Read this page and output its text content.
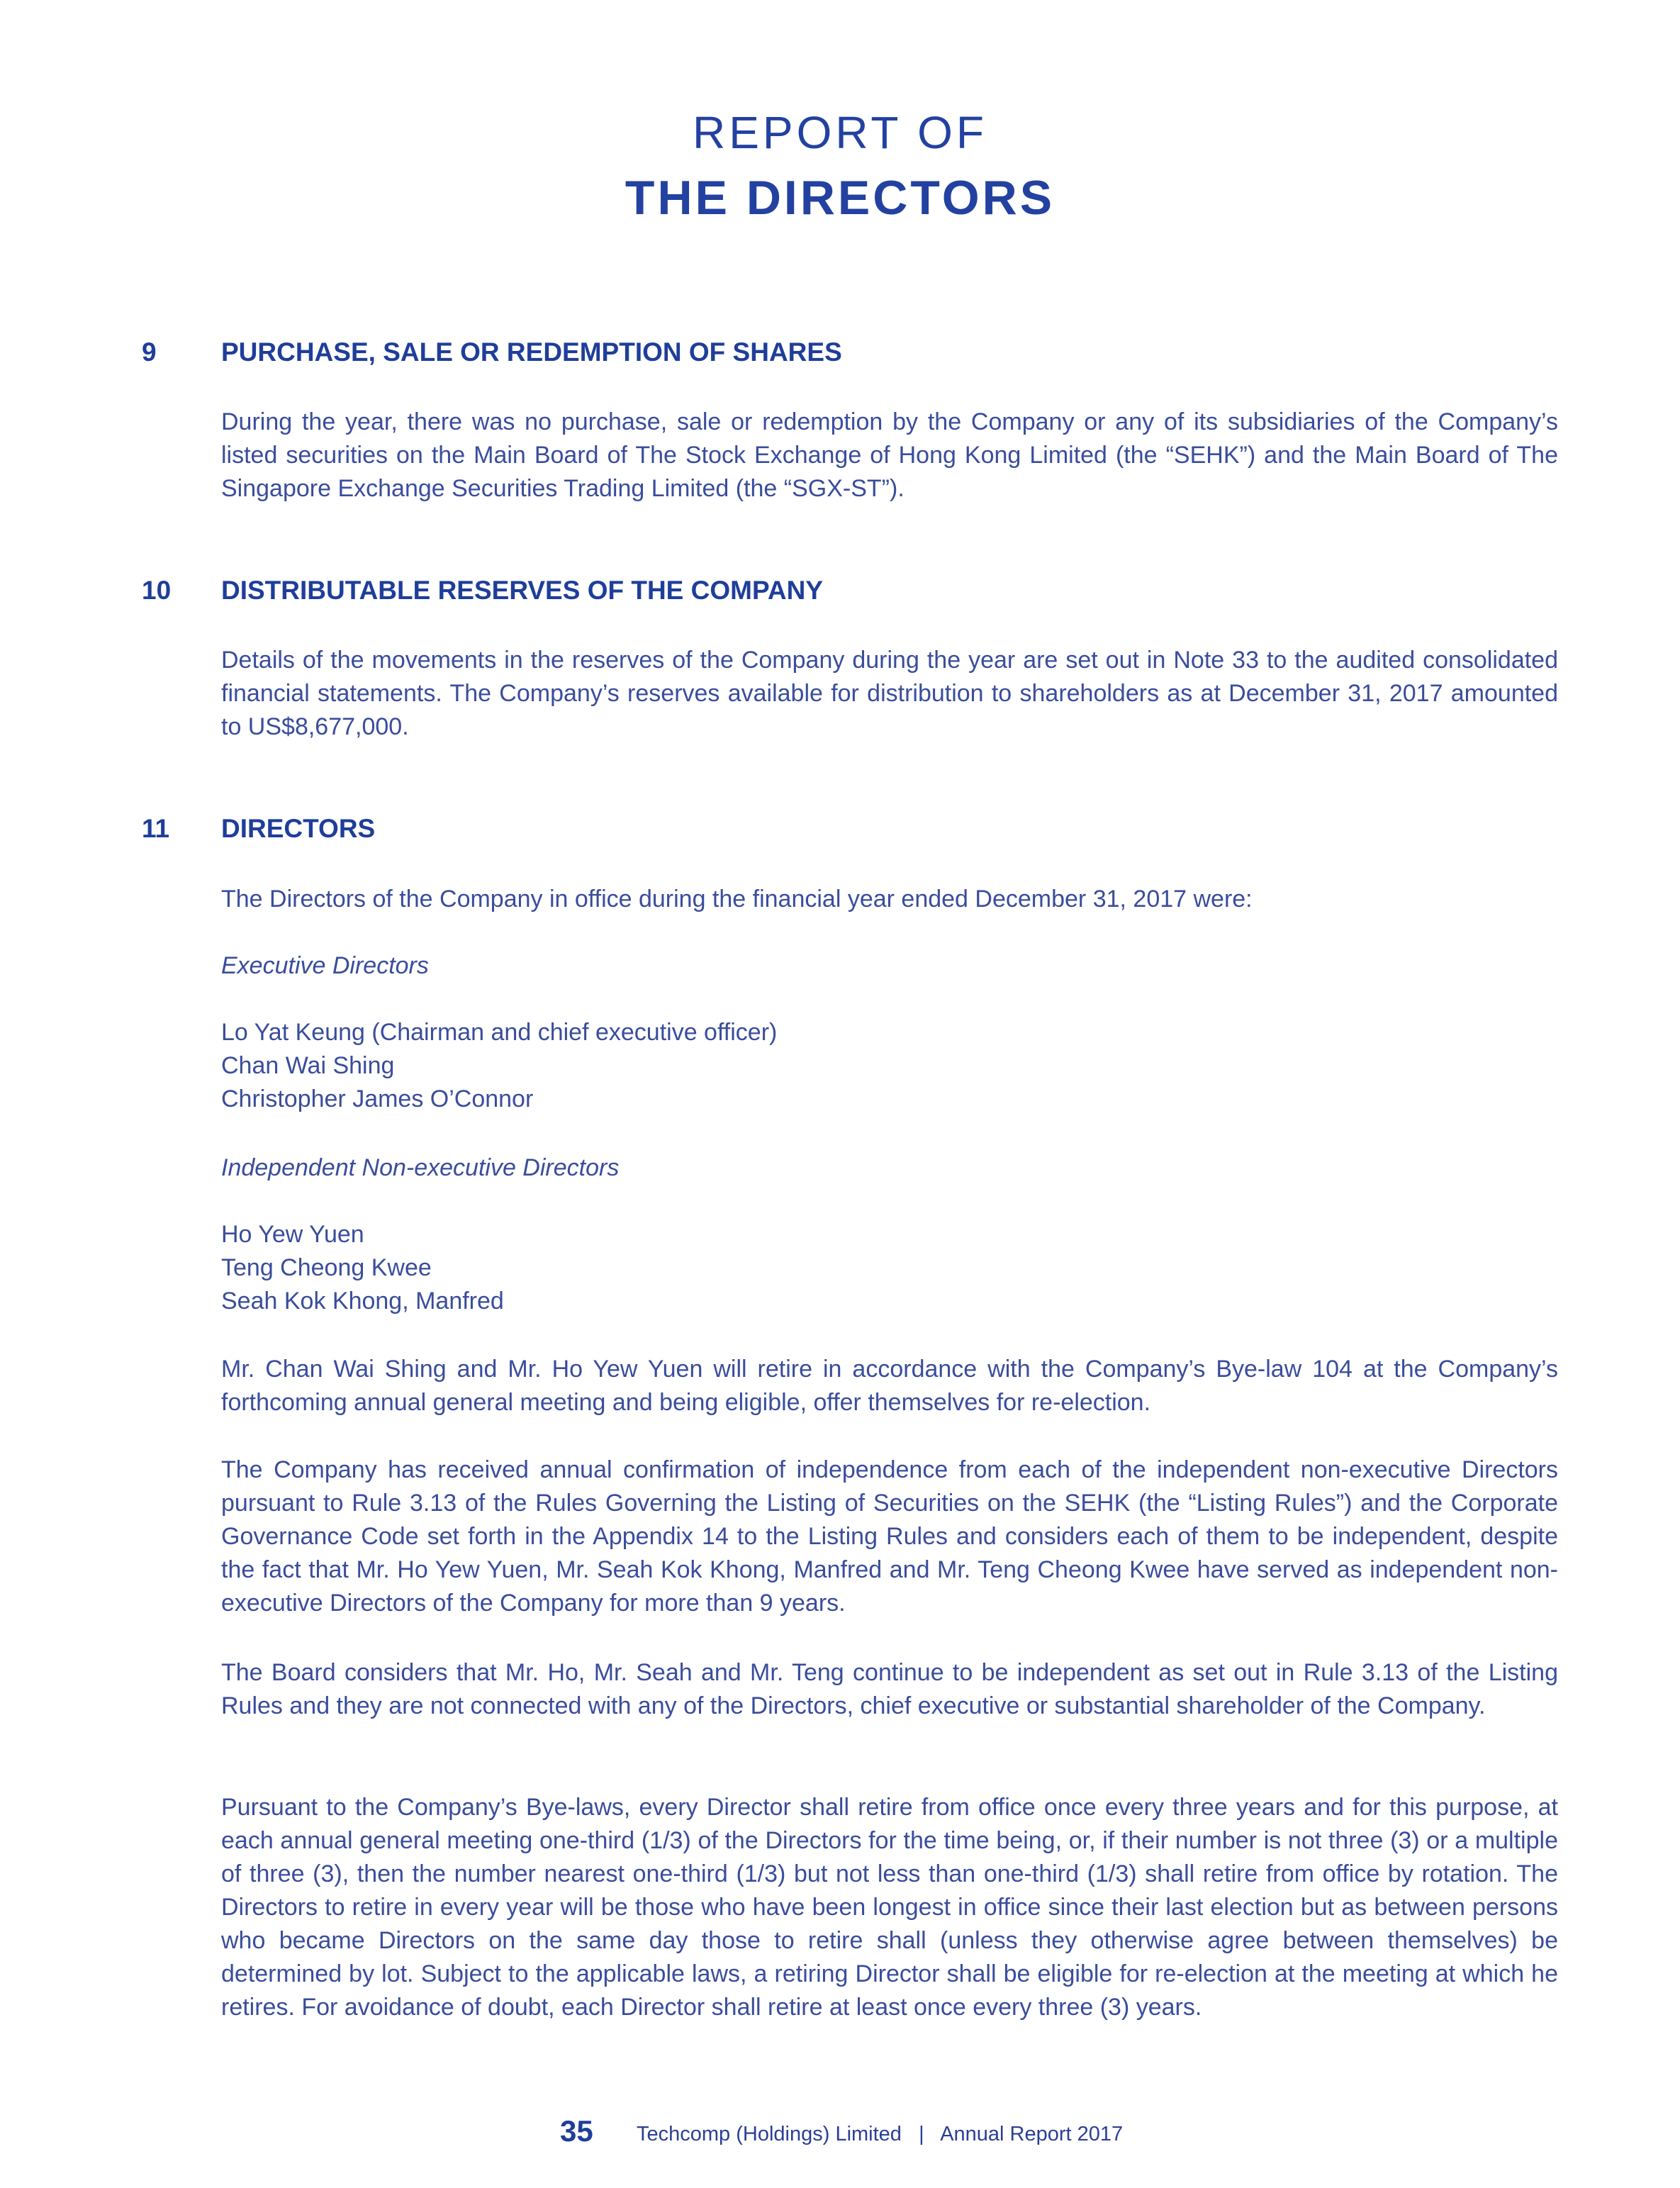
REPORT OF
THE DIRECTORS
9 PURCHASE, SALE OR REDEMPTION OF SHARES

During the year, there was no purchase, sale or redemption by the Company or any of its subsidiaries of the Company’s listed securities on the Main Board of The Stock Exchange of Hong Kong Limited (the “SEHK”) and the Main Board of The Singapore Exchange Securities Trading Limited (the “SGX-ST”).

10 DISTRIBUTABLE RESERVES OF THE COMPANY

Details of the movements in the reserves of the Company during the year are set out in Note 33 to the audited consolidated financial statements. The Company’s reserves available for distribution to shareholders as at December 31, 2017 amounted to US$8,677,000.

11 DIRECTORS

The Directors of the Company in office during the financial year ended December 31, 2017 were:

Executive Directors

Lo Yat Keung (Chairman and chief executive officer)

Chan Wai Shing

Christopher James O’Connor

Independent Non-executive Directors

Ho Yew Yuen

Teng Cheong Kwee

Seah Kok Khong, Manfred

Mr. Chan Wai Shing and Mr. Ho Yew Yuen will retire in accordance with the Company’s Bye-law 104 at the Company’s forthcoming annual general meeting and being eligible, offer themselves for re-election.

The Company has received annual confirmation of independence from each of the independent non-executive Directors pursuant to Rule 3.13 of the Rules Governing the Listing of Securities on the SEHK (the “Listing Rules”) and the Corporate Governance Code set forth in the Appendix 14 to the Listing Rules and considers each of them to be independent, despite the fact that Mr. Ho Yew Yuen, Mr. Seah Kok Khong, Manfred and Mr. Teng Cheong Kwee have served as independent non-executive Directors of the Company for more than 9 years.

The Board considers that Mr. Ho, Mr. Seah and Mr. Teng continue to be independent as set out in Rule 3.13 of the Listing Rules and they are not connected with any of the Directors, chief executive or substantial shareholder of the Company.

Pursuant to the Company’s Bye-laws, every Director shall retire from office once every three years and for this purpose, at each annual general meeting one-third (1/3) of the Directors for the time being, or, if their number is not three (3) or a multiple of three (3), then the number nearest one-third (1/3) but not less than one-third (1/3) shall retire from office by rotation. The Directors to retire in every year will be those who have been longest in office since their last election but as between persons who became Directors on the same day those to retire shall (unless they otherwise agree between themselves) be determined by lot. Subject to the applicable laws, a retiring Director shall be eligible for re-election at the meeting at which he retires. For avoidance of doubt, each Director shall retire at least once every three (3) years.

35 Techcomp (Holdings) Limited   |   Annual Report 2017
